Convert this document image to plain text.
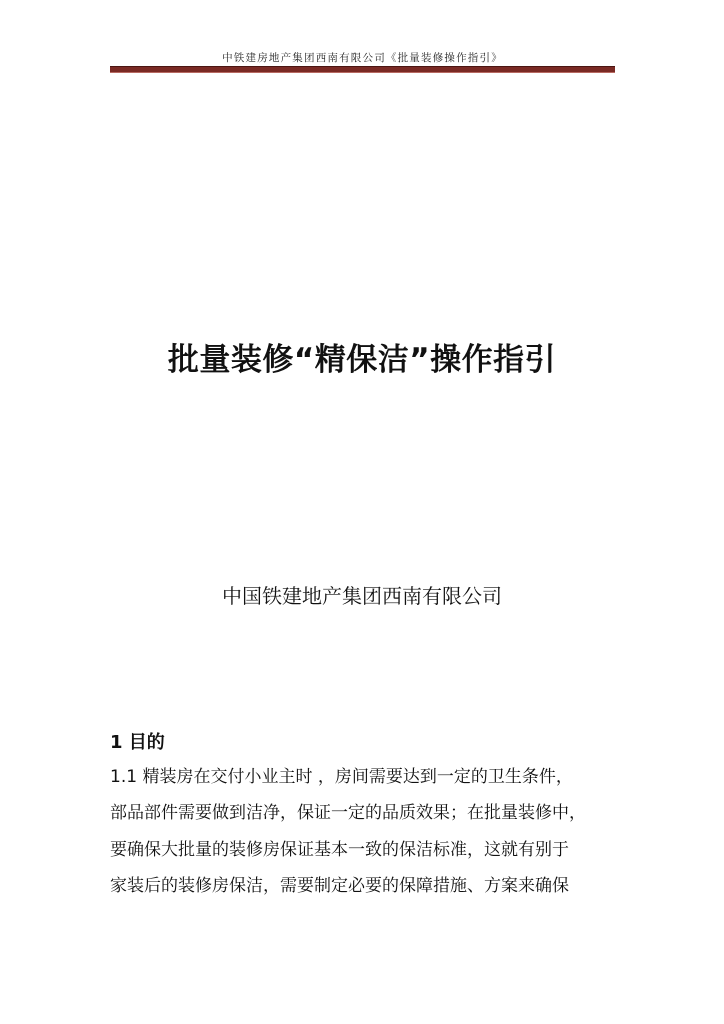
中铁建房地产集团西南有限公司《批量装修操作指引》
批量装修“精保洁”操作指引
中国铁建地产集团西南有限公司
1 目的
1.1 精装房在交付小业主时 ，房间需要达到一定的卫生条件，
部品部件需要做到洁净，保证一定的品质效果；在批量装修中，
要确保大批量的装修房保证基本一致的保洁标准，这就有别于
家装后的装修房保洁，需要制定必要的保障措施、方案来确保
